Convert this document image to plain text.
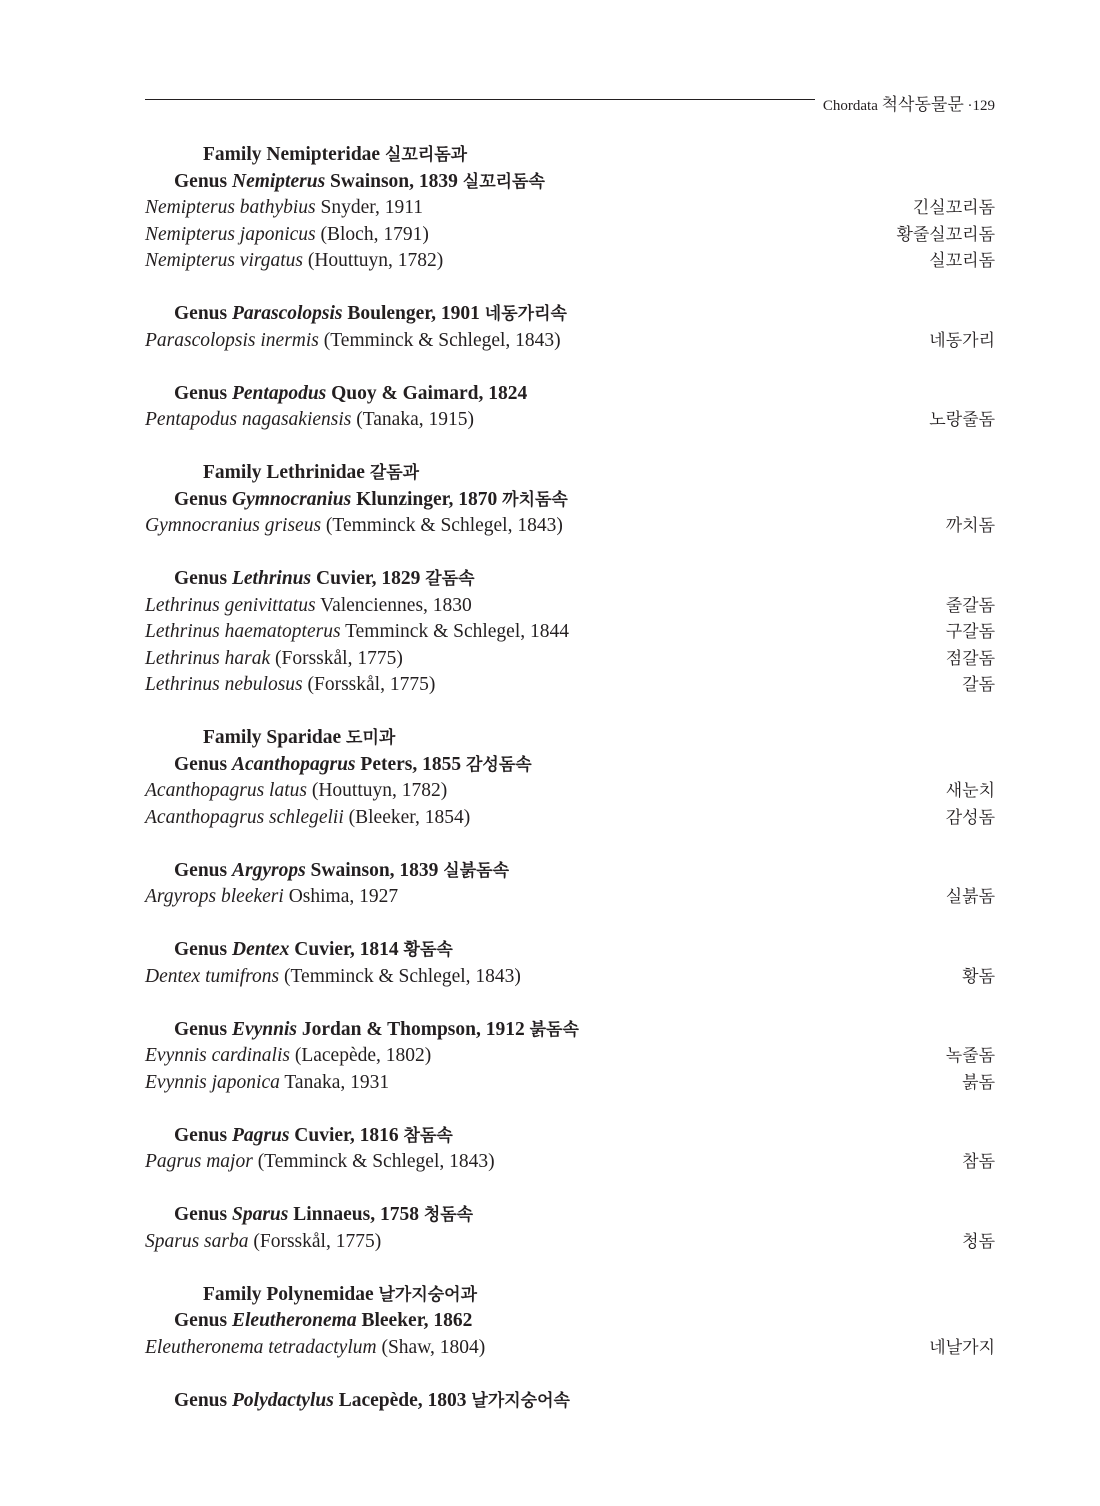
Chordata 척삭동물문 ·129
Family Nemipteridae 실꼬리돔과
Genus Nemipterus Swainson, 1839 실꼬리돔속
Nemipterus bathybius Snyder, 1911	긴실꼬리돔
Nemipterus japonicus (Bloch, 1791)	황줄실꼬리돔
Nemipterus virgatus (Houttuyn, 1782)	실꼬리돔
Genus Parascolopsis Boulenger, 1901 네동가리속
Parascolopsis inermis (Temminck & Schlegel, 1843)	네동가리
Genus Pentapodus Quoy & Gaimard, 1824
Pentapodus nagasakiensis (Tanaka, 1915)	노랑줄돔
Family Lethrinidae 갈돔과
Genus Gymnocranius Klunzinger, 1870 까치돔속
Gymnocranius griseus (Temminck & Schlegel, 1843)	까치돔
Genus Lethrinus Cuvier, 1829 갈돔속
Lethrinus genivittatus Valenciennes, 1830	줄갈돔
Lethrinus haematopterus Temminck & Schlegel, 1844	구갈돔
Lethrinus harak (Forsskål, 1775)	점갈돔
Lethrinus nebulosus (Forsskål, 1775)	갈돔
Family Sparidae 도미과
Genus Acanthopagrus Peters, 1855 감성돔속
Acanthopagrus latus (Houttuyn, 1782)	새눈치
Acanthopagrus schlegelii (Bleeker, 1854)	감성돔
Genus Argyrops Swainson, 1839 실붉돔속
Argyrops bleekeri Oshima, 1927	실붉돔
Genus Dentex Cuvier, 1814 황돔속
Dentex tumifrons (Temminck & Schlegel, 1843)	황돔
Genus Evynnis Jordan & Thompson, 1912 붉돔속
Evynnis cardinalis (Lacepède, 1802)	녹줄돔
Evynnis japonica Tanaka, 1931	붉돔
Genus Pagrus Cuvier, 1816 참돔속
Pagrus major (Temminck & Schlegel, 1843)	참돔
Genus Sparus Linnaeus, 1758 청돔속
Sparus sarba (Forsskål, 1775)	청돔
Family Polynemidae 날가지숭어과
Genus Eleutheronema Bleeker, 1862
Eleutheronema tetradactylum (Shaw, 1804)	네날가지
Genus Polydactylus Lacepède, 1803 날가지숭어속
